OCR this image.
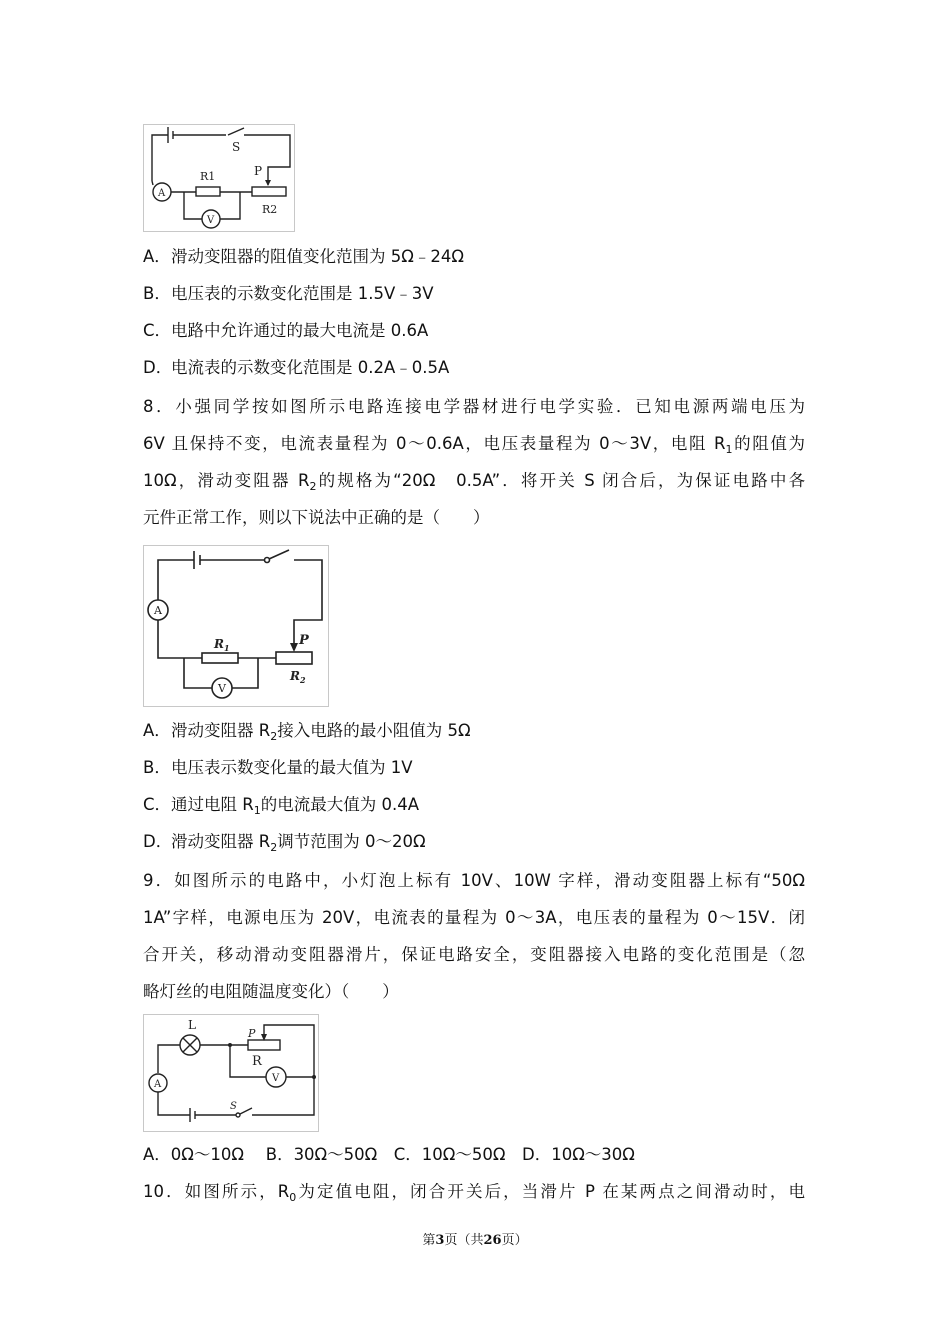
S
P
R1
R2
A
V
A．滑动变阻器的阻值变化范围为 5Ω﹣24Ω
B．电压表的示数变化范围是 1.5V﹣3V
C．电路中允许通过的最大电流是 0.6A
D．电流表的示数变化范围是 0.2A﹣0.5A
8．小强同学按如图所示电路连接电学器材进行电学实验．已知电源两端电压为
6V 且保持不变，电流表量程为 0～0.6A，电压表量程为 0～3V，电阻 $R_1$的阻值为
10Ω，滑动变阻器 $R_2$的规格为“20Ω　0.5A”．将开关 S 闭合后，为保证电路中各
元件正常工作，则以下说法中正确的是（　　）
P
$R_1$
$R_2$
A
V
A．滑动变阻器 $R_2$接入电路的最小阻值为 5Ω
B．电压表示数变化量的最大值为 1V
C．通过电阻 $R_1$的电流最大值为 0.4A
D．滑动变阻器 $R_2$调节范围为 0～20Ω
9．如图所示的电路中，小灯泡上标有 10V、10W 字样，滑动变阻器上标有“50Ω
1A”字样，电源电压为 20V，电流表的量程为 0～3A，电压表的量程为 0～15V．闭
合开关，移动滑动变阻器滑片，保证电路安全，变阻器接入电路的变化范围是（忽
略灯丝的电阻随温度变化）（　　）
L
P
R
S
A
V
A．0Ω～10Ω　 B．30Ω～50Ω　C．10Ω～50Ω　D．10Ω～30Ω
10．如图所示，$R_0$为定值电阻，闭合开关后，当滑片 P 在某两点之间滑动时，电
第3页（共26页）
